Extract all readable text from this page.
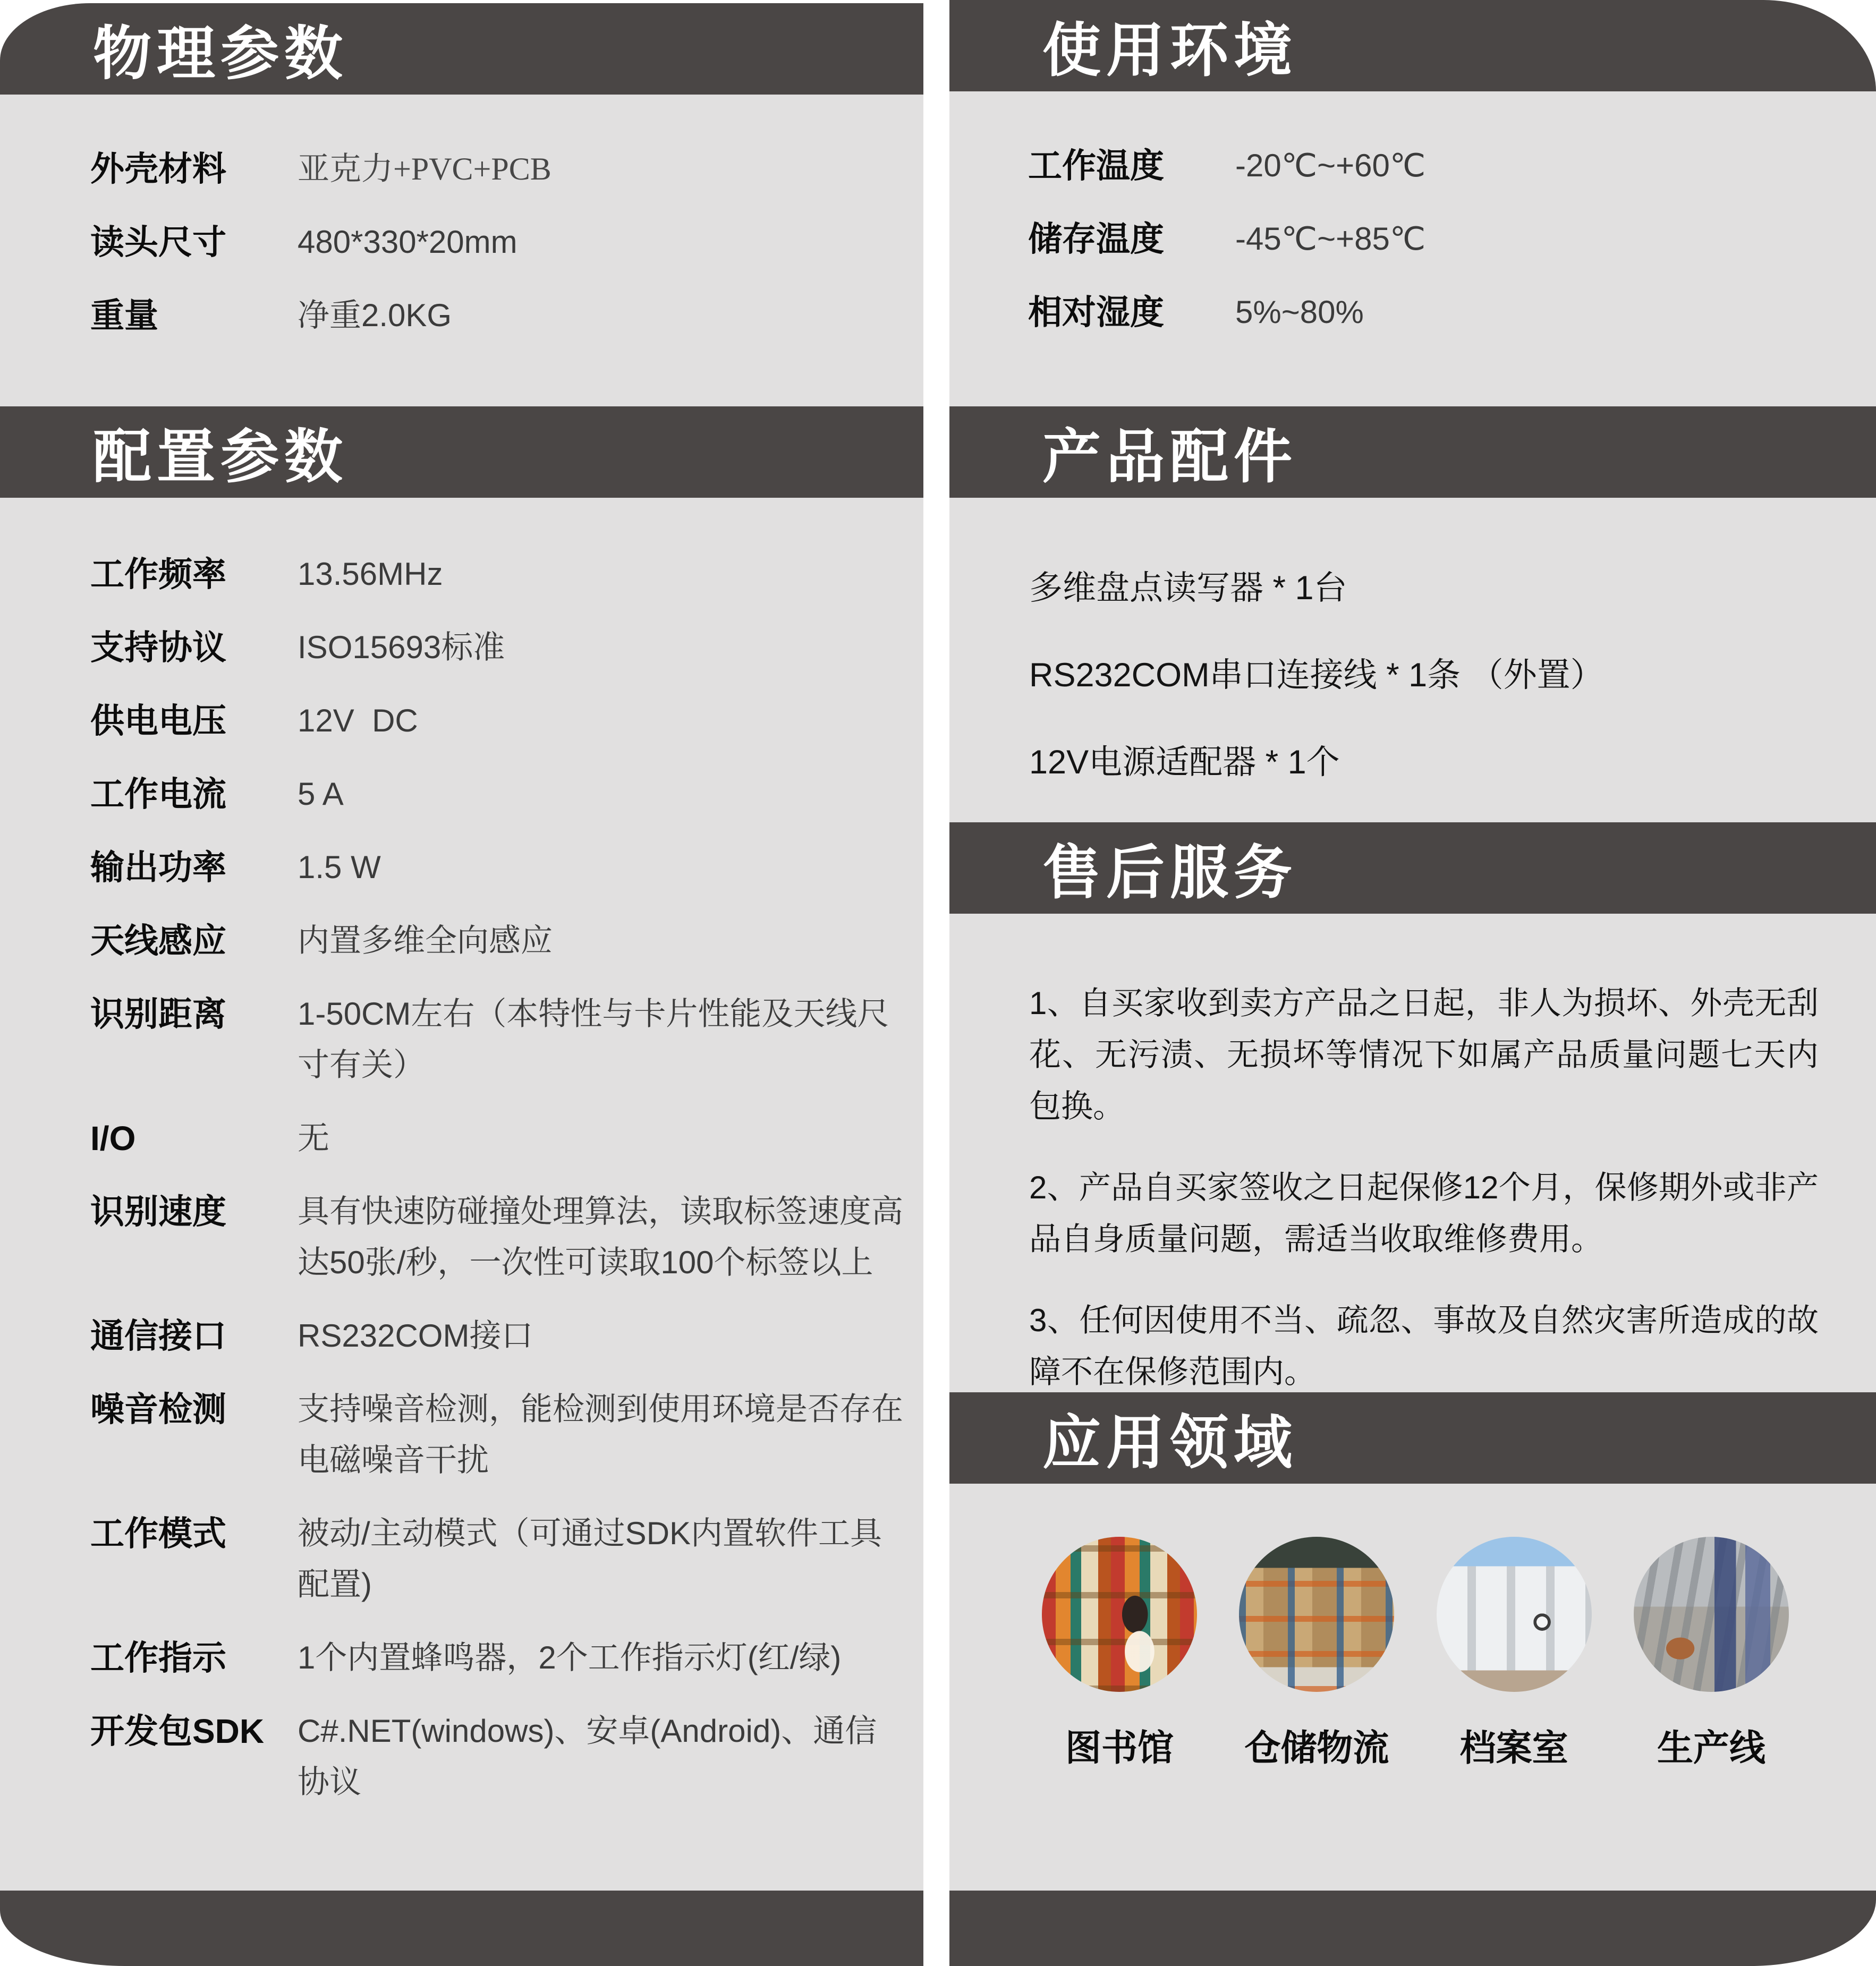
物理参数
外壳材料	亚克力+PVC+PCB
读头尺寸	480*330*20mm
重量	净重2.0KG
配置参数
工作频率	13.56MHz
支持协议	ISO15693标准
供电电压	12V  DC
工作电流	5 A
输出功率	1.5 W
天线感应	内置多维全向感应
识别距离	1-50CM左右（本特性与卡片性能及天线尺寸有关）
I/O	无
识别速度	具有快速防碰撞处理算法，读取标签速度高达50张/秒，一次性可读取100个标签以上
通信接口	RS232COM接口
噪音检测	支持噪音检测，能检测到使用环境是否存在电磁噪音干扰
工作模式	被动/主动模式（可通过SDK内置软件工具配置)
工作指示	1个内置蜂鸣器，2个工作指示灯(红/绿)
开发包SDK	C#.NET(windows)、安卓(Android)、通信协议
使用环境
工作温度	-20℃~+60℃
储存温度	-45℃~+85℃
相对湿度	5%~80%
产品配件
多维盘点读写器 * 1台
RS232COM串口连接线 * 1条 （外置）
12V电源适配器 * 1个
售后服务

1、自买家收到卖方产品之日起，非人为损坏、外壳无刮花、无污渍、无损坏等情况下如属产品质量问题七天内包换。

2、产品自买家签收之日起保修12个月，保修期外或非产品自身质量问题，需适当收取维修费用。

3、任何因使用不当、疏忽、事故及自然灾害所造成的故障不在保修范围内。

应用领域
图书馆 仓储物流 档案室 生产线
